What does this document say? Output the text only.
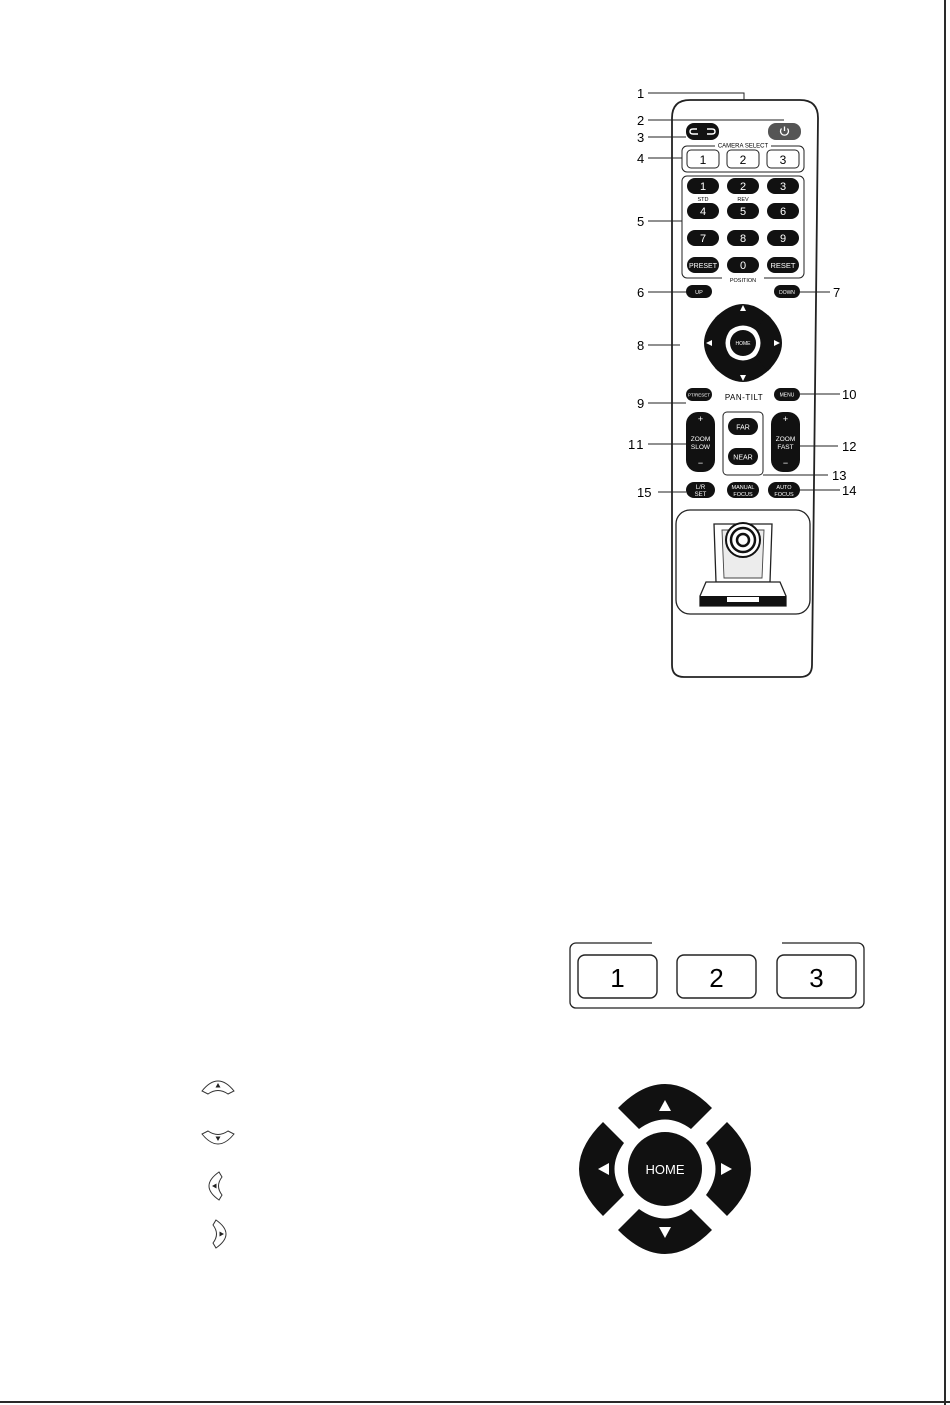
CAMERA SELECT
1	2	3
1	2	3
STD	REV
4	5	6
7	8	9
PRESET 0	RESET
POSITION
UP	DOWN
HOME
PAN-TILT
PT/RESET	MENU
+
ZOOM
SLOW
−
+
ZOOM
FAST
−
FAR
NEAR
L/R
SET
MANUAL
FOCUS
AUTO
FOCUS
1
2
3
4
5
6	7
8
9
10
11	12
13
14
15
1	2	3
HOME
